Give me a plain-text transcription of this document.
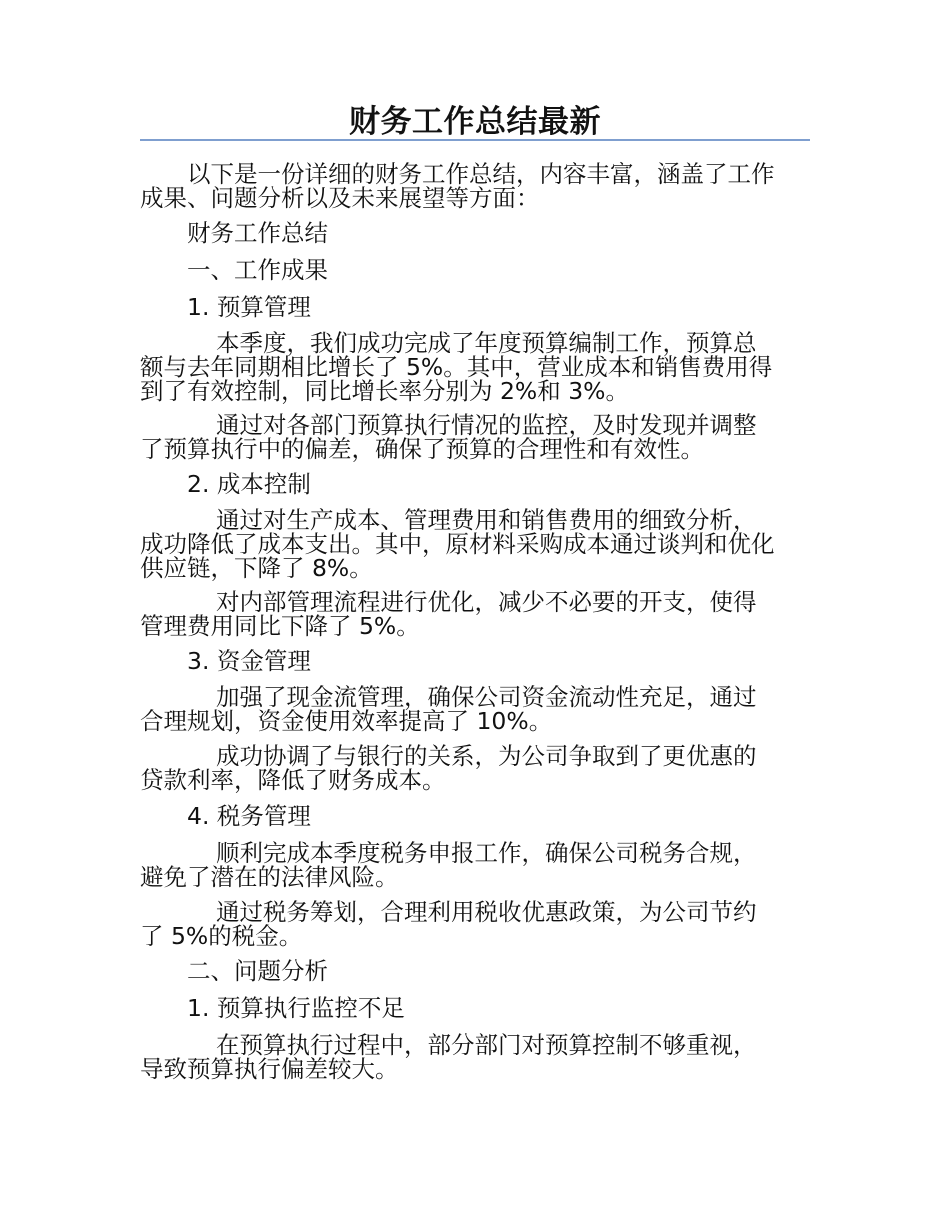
财务工作总结最新
以下是一份详细的财务工作总结，内容丰富，涵盖了工作
成果、问题分析以及未来展望等方面：
财务工作总结
一、工作成果
1. 预算管理
本季度，我们成功完成了年度预算编制工作，预算总
额与去年同期相比增长了 5%。其中，营业成本和销售费用得
到了有效控制，同比增长率分别为 2%和 3%。
通过对各部门预算执行情况的监控，及时发现并调整
了预算执行中的偏差，确保了预算的合理性和有效性。
2. 成本控制
通过对生产成本、管理费用和销售费用的细致分析，
成功降低了成本支出。其中，原材料采购成本通过谈判和优化
供应链，下降了 8%。
对内部管理流程进行优化，减少不必要的开支，使得
管理费用同比下降了 5%。
3. 资金管理
加强了现金流管理，确保公司资金流动性充足，通过
合理规划，资金使用效率提高了 10%。
成功协调了与银行的关系，为公司争取到了更优惠的
贷款利率，降低了财务成本。
4. 税务管理
顺利完成本季度税务申报工作，确保公司税务合规，
避免了潜在的法律风险。
通过税务筹划，合理利用税收优惠政策，为公司节约
了 5%的税金。
二、问题分析
1. 预算执行监控不足
在预算执行过程中，部分部门对预算控制不够重视，
导致预算执行偏差较大。
